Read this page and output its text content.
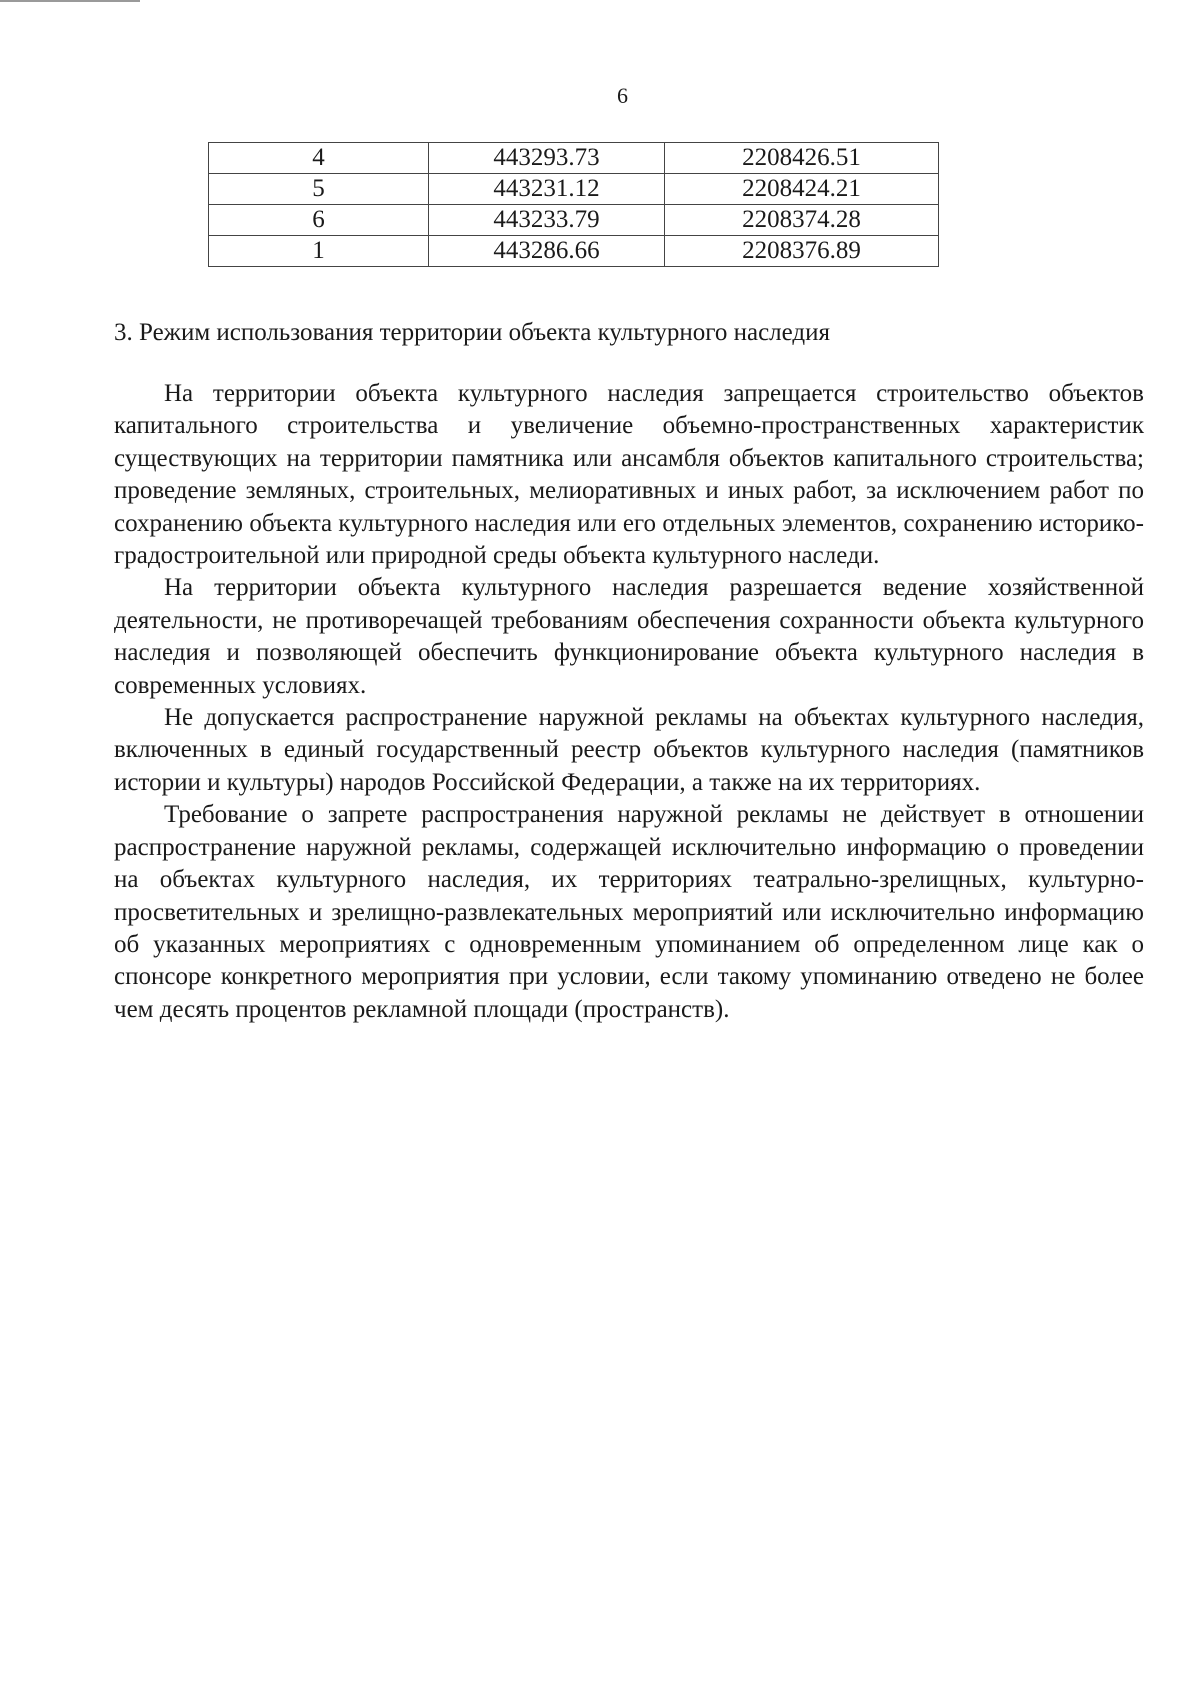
6
4	443293.73	2208426.51
5	443231.12	2208424.21
6	443233.79	2208374.28
1	443286.66	2208376.89
3. Режим использования территории объекта культурного наследия

На территории объекта культурного наследия запрещается строительство объектов капитального строительства и увеличение объемно-пространственных характеристик существующих на территории памятника или ансамбля объектов капитального строительства; проведение земляных, строительных, мелиоративных и иных работ, за исключением работ по сохранению объекта культурного наследия или его отдельных элементов, сохранению историко-градостроительной или природной среды объекта культурного наследи.

На территории объекта культурного наследия разрешается ведение хозяйственной деятельности, не противоречащей требованиям обеспечения сохранности объекта культурного наследия и позволяющей обеспечить функционирование объекта культурного наследия в современных условиях.

Не допускается распространение наружной рекламы на объектах культурного наследия, включенных в единый государственный реестр объектов культурного наследия (памятников истории и культуры) народов Российской Федерации, а также на их территориях.

Требование о запрете распространения наружной рекламы не действует в отношении распространение наружной рекламы, содержащей исключительно информацию о проведении на объектах культурного наследия, их территориях театрально-зрелищных, культурно-просветительных и зрелищно-развлекательных мероприятий или исключительно информацию об указанных мероприятиях с одновременным упоминанием об определенном лице как о спонсоре конкретного мероприятия при условии, если такому упоминанию отведено не более чем десять процентов рекламной площади (пространств).
